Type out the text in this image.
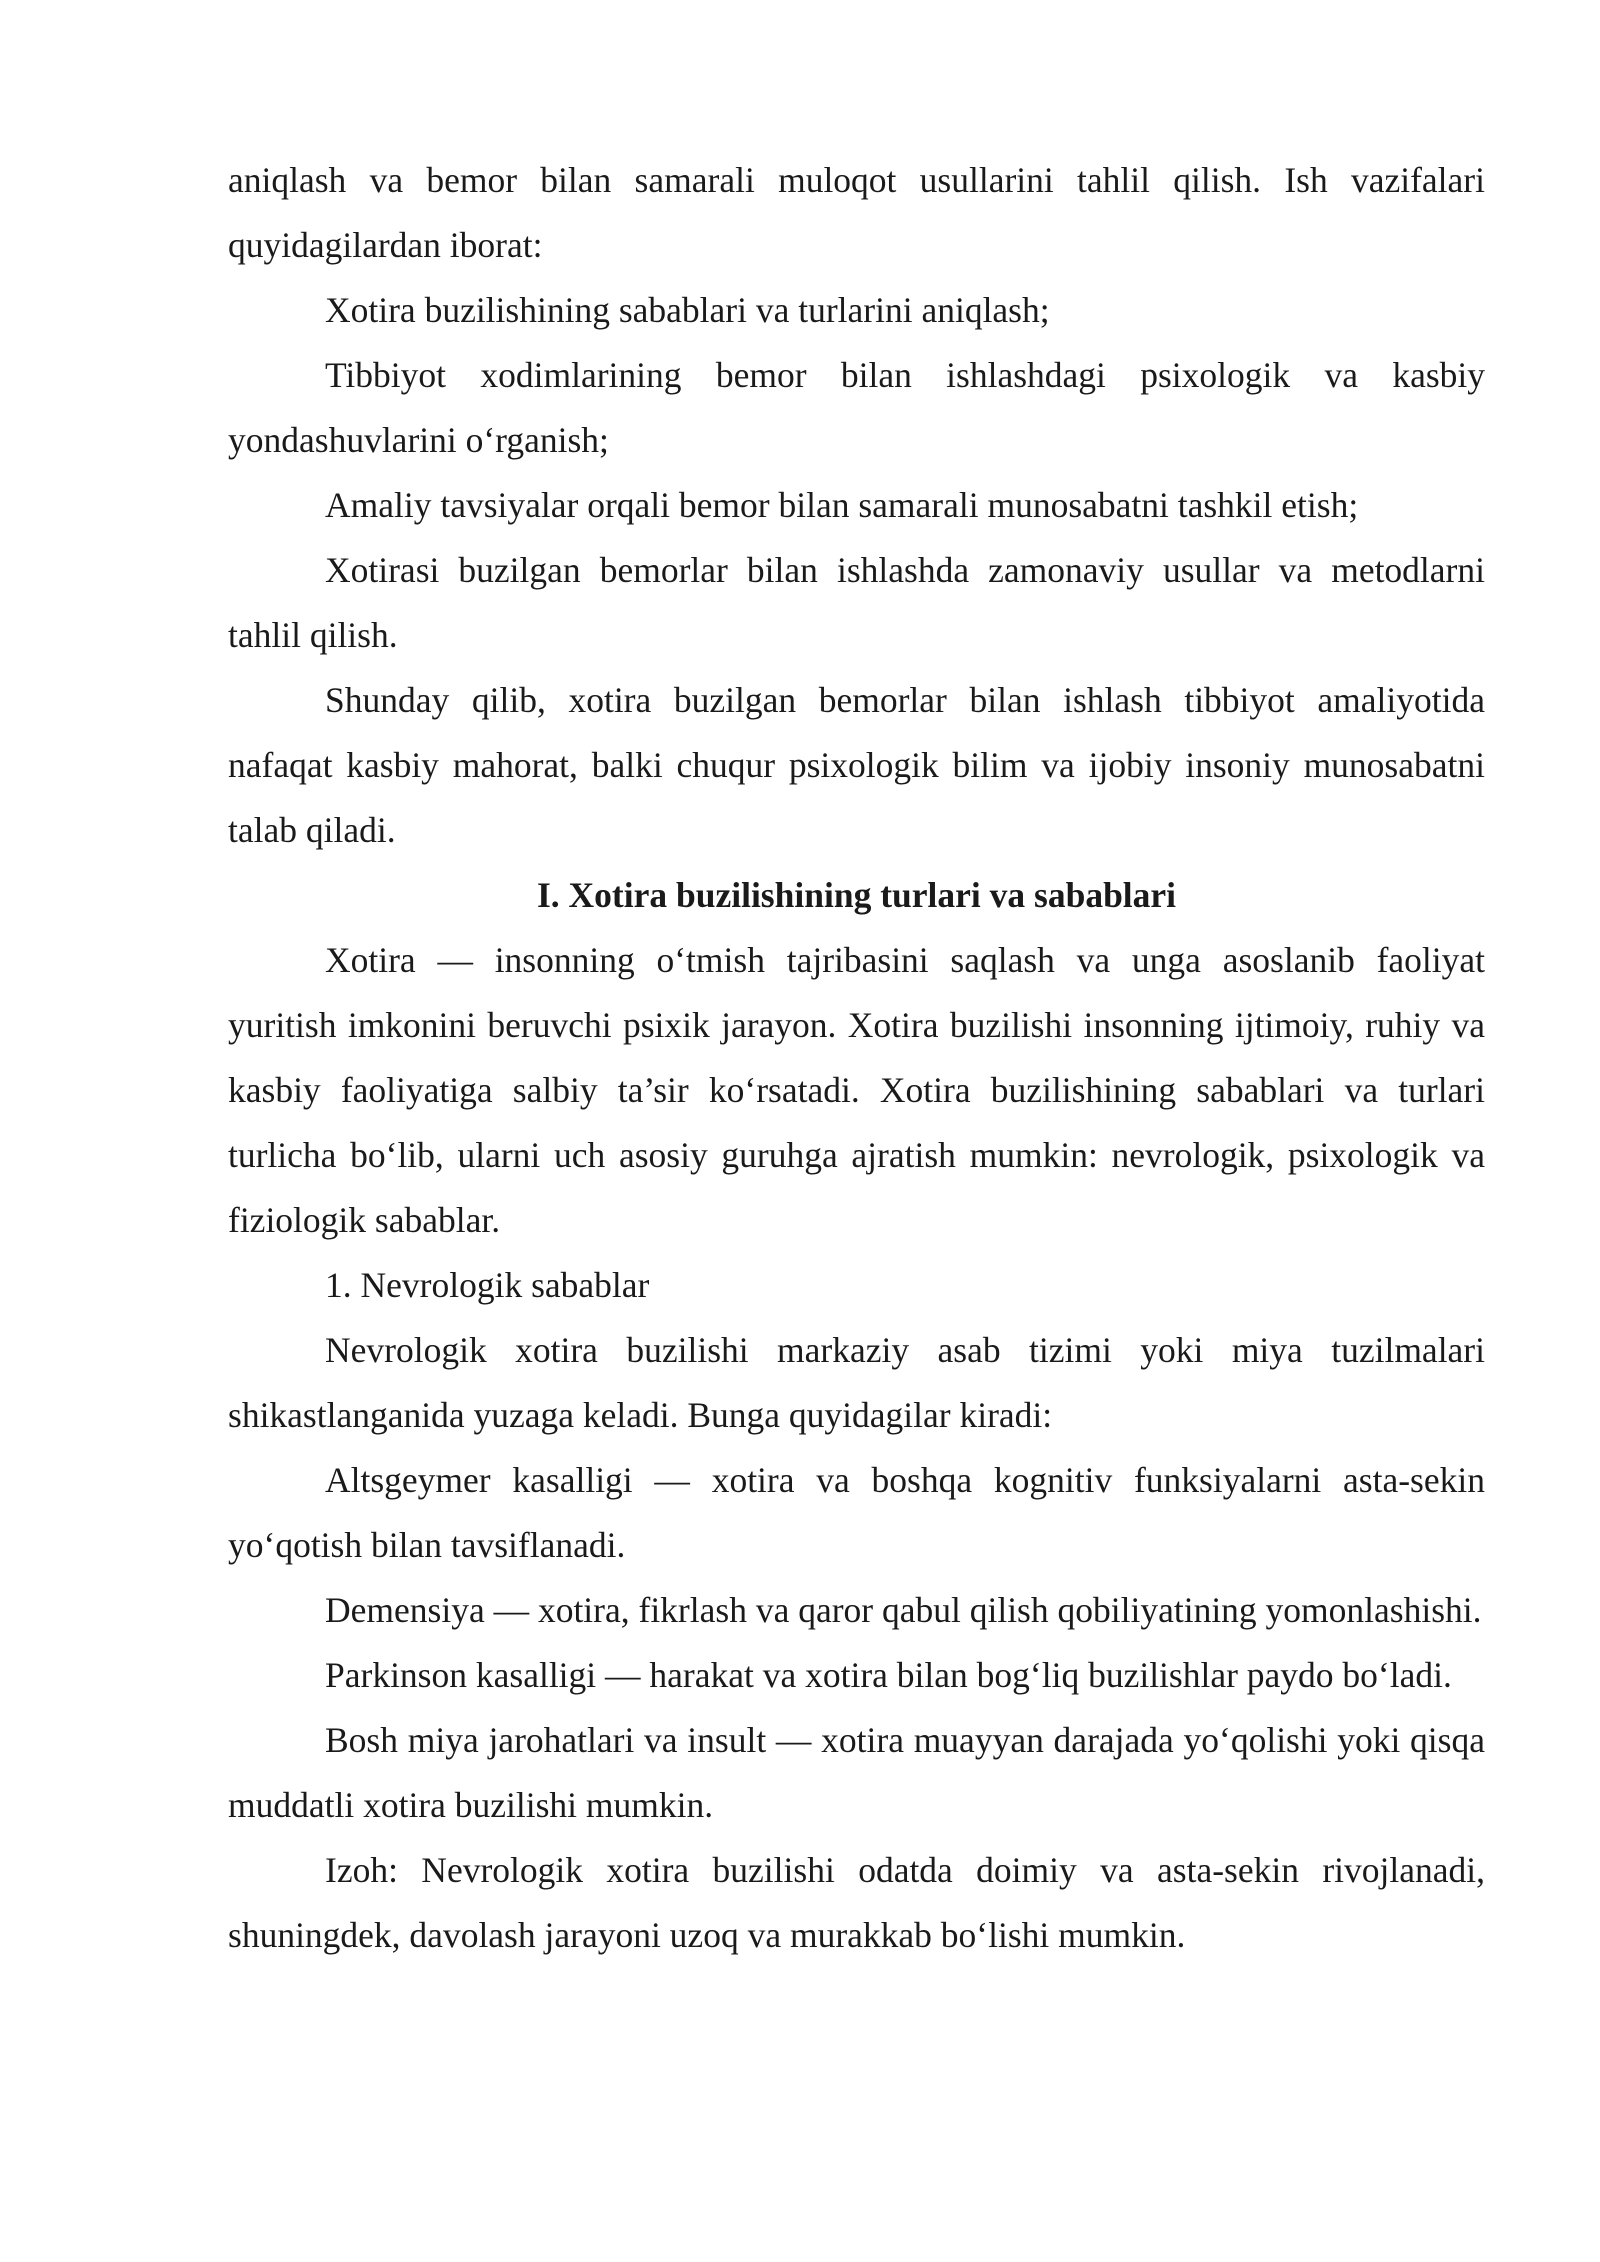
aniqlash va bemor bilan samarali muloqot usullarini tahlil qilish. Ish vazifalari quyidagilardan iborat:

Xotira buzilishining sabablari va turlarini aniqlash;

Tibbiyot xodimlarining bemor bilan ishlashdagi psixologik va kasbiy yondashuvlarini o‘rganish;

Amaliy tavsiyalar orqali bemor bilan samarali munosabatni tashkil etish;

Xotirasi buzilgan bemorlar bilan ishlashda zamonaviy usullar va metodlarni tahlil qilish.

Shunday qilib, xotira buzilgan bemorlar bilan ishlash tibbiyot amaliyotida nafaqat kasbiy mahorat, balki chuqur psixologik bilim va ijobiy insoniy munosabatni talab qiladi.

I. Xotira buzilishining turlari va sabablari

Xotira — insonning o‘tmish tajribasini saqlash va unga asoslanib faoliyat yuritish imkonini beruvchi psixik jarayon. Xotira buzilishi insonning ijtimoiy, ruhiy va kasbiy faoliyatiga salbiy ta’sir ko‘rsatadi. Xotira buzilishining sabablari va turlari turlicha bo‘lib, ularni uch asosiy guruhga ajratish mumkin: nevrologik, psixologik va fiziologik sabablar.

1. Nevrologik sabablar

Nevrologik xotira buzilishi markaziy asab tizimi yoki miya tuzilmalari shikastlanganida yuzaga keladi. Bunga quyidagilar kiradi:

Altsgeymer kasalligi — xotira va boshqa kognitiv funksiyalarni asta-sekin yo‘qotish bilan tavsiflanadi.

Demensiya — xotira, fikrlash va qaror qabul qilish qobiliyatining yomonlashishi.

Parkinson kasalligi — harakat va xotira bilan bog‘liq buzilishlar paydo bo‘ladi.

Bosh miya jarohatlari va insult — xotira muayyan darajada yo‘qolishi yoki qisqa muddatli xotira buzilishi mumkin.

Izoh: Nevrologik xotira buzilishi odatda doimiy va asta-sekin rivojlanadi, shuningdek, davolash jarayoni uzoq va murakkab bo‘lishi mumkin.
